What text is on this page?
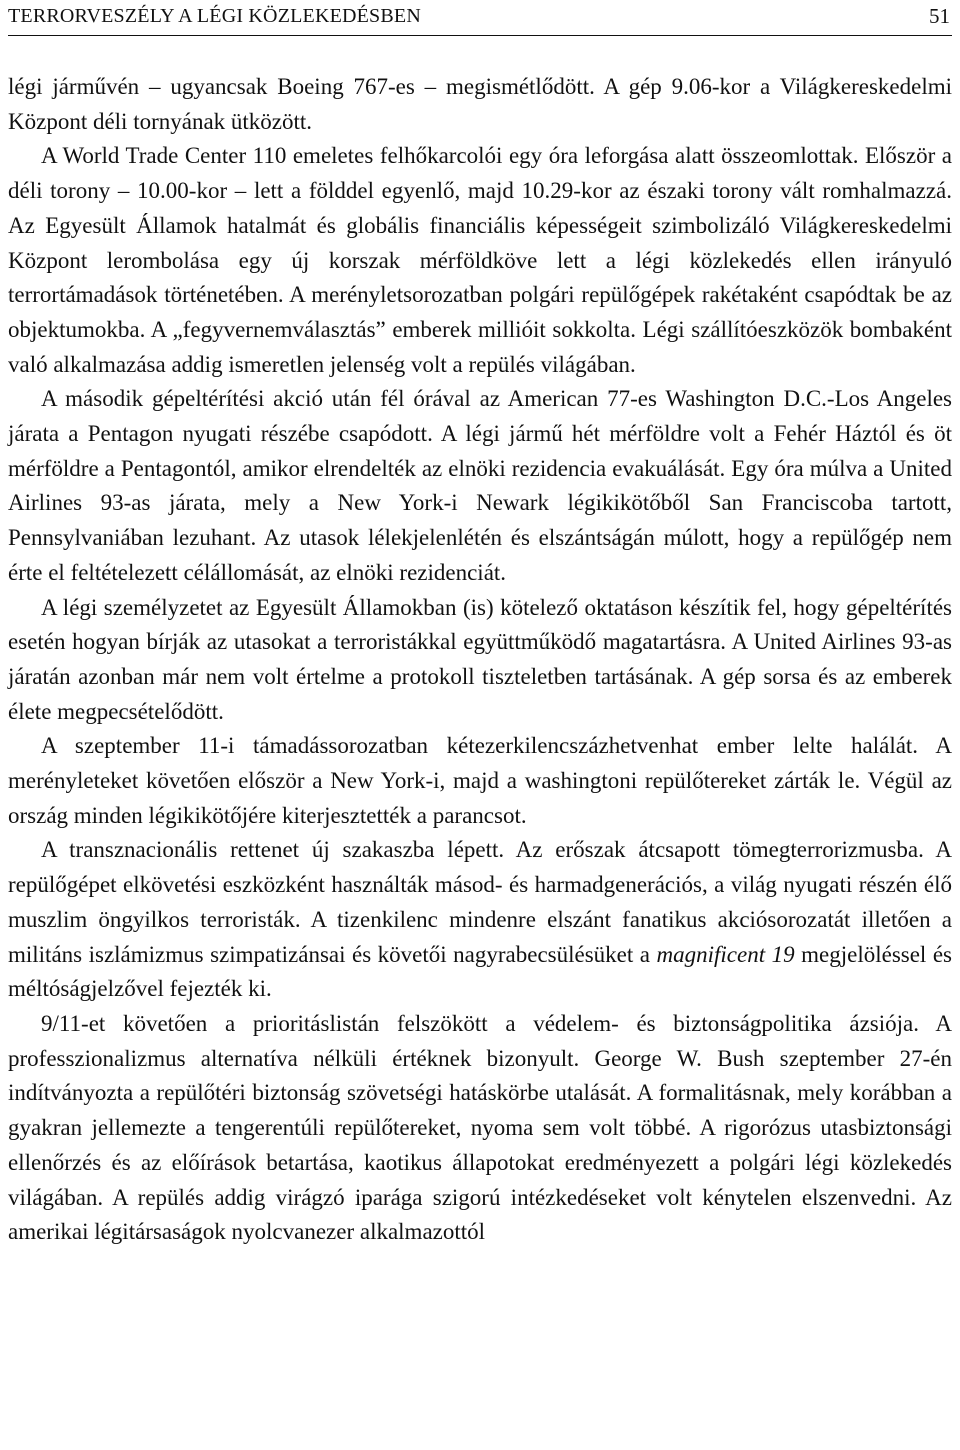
TERRORVESZÉLY A LÉGI KÖZLEKEDÉSBEN	51

légi járművén – ugyancsak Boeing 767-es – megismétlődött. A gép 9.06-kor a Világkereskedelmi Központ déli tornyának ütközött.

A World Trade Center 110 emeletes felhőkarcolói egy óra leforgása alatt összeomlottak. Először a déli torony – 10.00-kor – lett a földdel egyenlő, majd 10.29-kor az északi torony vált romhalmazzá. Az Egyesült Államok hatalmát és globális financiális képességeit szimbolizáló Világkereskedelmi Központ lerombolása egy új korszak mérföldköve lett a légi közlekedés ellen irányuló terrortámadások történetében. A merényletsorozatban polgári repülőgépek rakétaként csapódtak be az objektumokba. A „fegyvernemválasztás” emberek millióit sokkolta. Légi szállítóeszközök bombaként való alkalmazása addig ismeretlen jelenség volt a repülés világában.

A második gépeltérítési akció után fél órával az American 77-es Washington D.C.-Los Angeles járata a Pentagon nyugati részébe csapódott. A légi jármű hét mérföldre volt a Fehér Háztól és öt mérföldre a Pentagontól, amikor elrendelték az elnöki rezidencia evakuálását. Egy óra múlva a United Airlines 93-as járata, mely a New York-i Newark légikikötőből San Franciscoba tartott, Pennsylvaniában lezuhant. Az utasok lélekjelenlétén és elszántságán múlott, hogy a repülőgép nem érte el feltételezett célállomását, az elnöki rezidenciát.

A légi személyzetet az Egyesült Államokban (is) kötelező oktatáson készítik fel, hogy gépeltérítés esetén hogyan bírják az utasokat a terroristákkal együttműködő magatartásra. A United Airlines 93-as járatán azonban már nem volt értelme a protokoll tiszteletben tartásának. A gép sorsa és az emberek élete megpecsételődött.

A szeptember 11-i támadássorozatban kétezerkilencszázhetvenhat ember lelte halálát. A merényleteket követően először a New York-i, majd a washingtoni repülőtereket zárták le. Végül az ország minden légikikötőjére kiterjesztették a parancsot.

A transznacionális rettenet új szakaszba lépett. Az erőszak átcsapott tömegterrorizmusba. A repülőgépet elkövetési eszközként használták másod- és harmadgenerációs, a világ nyugati részén élő muszlim öngyilkos terroristák. A tizenkilenc mindenre elszánt fanatikus akciósorozatát illetően a militáns iszlámizmus szimpatizánsai és követői nagyrabecsülésüket a magnificent 19 megjelöléssel és méltóságjelzővel fejezték ki.

9/11-et követően a prioritáslistán felszökött a védelem- és biztonságpolitika ázsiója. A professzionalizmus alternatíva nélküli értéknek bizonyult. George W. Bush szeptember 27-én indítványozta a repülőtéri biztonság szövetségi hatáskörbe utalását. A formalitásnak, mely korábban a gyakran jellemezte a tengerentúli repülőtereket, nyoma sem volt többé. A rigorózus utasbiztonsági ellenőrzés és az előírások betartása, kaotikus állapotokat eredményezett a polgári légi közlekedés világában. A repülés addig virágzó iparága szigorú intézkedéseket volt kénytelen elszenvedni. Az amerikai légitársaságok nyolcvanezer alkalmazottól
